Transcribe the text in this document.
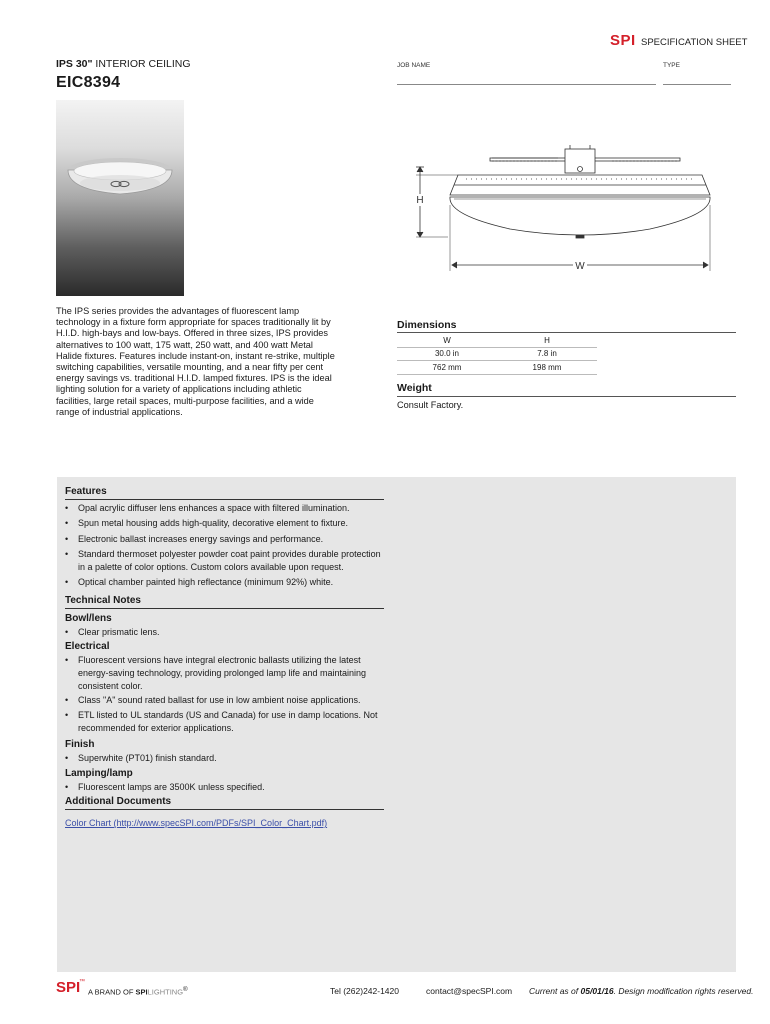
SPI SPECIFICATION SHEET
IPS 30" INTERIOR CEILING
EIC8394
JOB NAME	TYPE
H
W
The IPS series provides the advantages of fluorescent lamp technology in a fixture form appropriate for spaces traditionally lit by H.I.D. high-bays and low-bays. Offered in three sizes, IPS provides alternatives to 100 watt, 175 watt, 250 watt, and 400 watt Metal Halide fixtures. Features include instant-on, instant re-strike, multiple switching capabilities, versatile mounting, and a near fifty per cent energy savings vs. traditional H.I.D. lamped fixtures. IPS is the ideal lighting solution for a variety of applications including athletic facilities, large retail spaces, multi-purpose facilities, and a wide range of industrial applications.
Dimensions
W	H
30.0 in	7.8 in
762 mm	198 mm
Weight
Consult Factory.
Features
• Opal acrylic diffuser lens enhances a space with filtered illumination.
• Spun metal housing adds high-quality, decorative element to fixture.
• Electronic ballast increases energy savings and performance.
• Standard thermoset polyester powder coat paint provides durable protection in a palette of color options. Custom colors available upon request.
• Optical chamber painted high reflectance (minimum 92%) white.
Technical Notes
Bowl/lens
• Clear prismatic lens.
Electrical
• Fluorescent versions have integral electronic ballasts utilizing the latest energy-saving technology, providing prolonged lamp life and maintaining consistent color.
• Class "A" sound rated ballast for use in low ambient noise applications.
• ETL listed to UL standards (US and Canada) for use in damp locations. Not recommended for exterior applications.
Finish
• Superwhite (PT01) finish standard.
Lamping/lamp
• Fluorescent lamps are 3500K unless specified.
Additional Documents
Color Chart (http://www.specSPI.com/PDFs/SPI_Color_Chart.pdf)
SPI
™
A BRAND OF SPILIGHTING®	Tel (262)242-1420	contact@specSPI.com Current as of 05/01/16. Design modification rights reserved.
